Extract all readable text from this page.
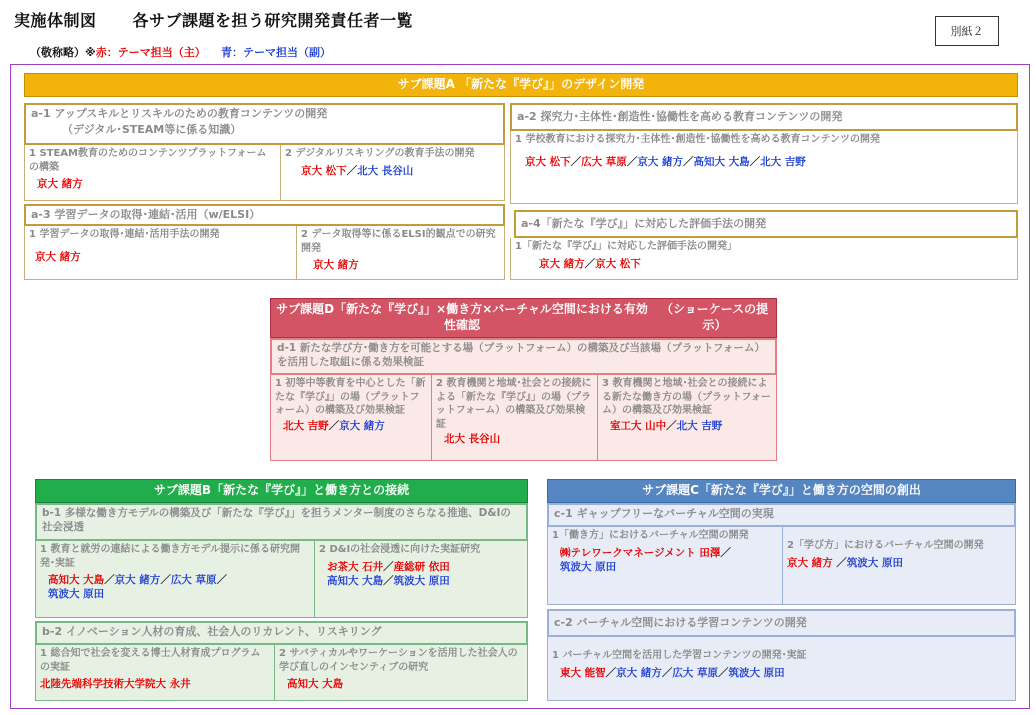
実施体制図 各サブ課題を担う研究開発責任者一覧
（敬称略）※赤：テーマ担当（主） 青：テーマ担当（副）
別紙２
サブ課題A 「新たな『学び』」のデザイン開発
a-1 アップスキルとリスキルのための教育コンテンツの開発
（デジタル･STEAM等に係る知識）
1 STEAM教育のためのコンテンツプラットフォームの構築
京大 緒方
2 デジタルリスキリングの教育手法の開発
京大 松下／北大 長谷山
a-3 学習データの取得･連結･活用（w/ELSI）
1 学習データの取得･連結･活用手法の開発
京大 緒方
2 データ取得等に係るELSI的観点での研究開発
京大 緒方
a-2 探究力･主体性･創造性･協働性を高める教育コンテンツの開発
1 学校教育における探究力･主体性･創造性･協働性を高める教育コンテンツの開発
京大 松下／広大 草原／京大 緒方／高知大 大島／北大 吉野
a-4「新たな『学び』」に対応した評価手法の開発
1「新たな『学び』」に対応した評価手法の開発」
京大 緒方／京大 松下
サブ課題D「新たな『学び』」×働き方×バーチャル空間における有効性確認
（ショーケースの提示）
d-1 新たな学び方･働き方を可能とする場（プラットフォーム）の構築及び当該場（プラットフォーム）を活用した取組に係る効果検証
1 初等中等教育を中心とした「新たな『学び』」の場（プラットフォーム）の構築及び効果検証
北大 吉野／京大 緒方
2 教育機関と地域･社会との接続による「新たな『学び』」の場（プラットフォーム）の構築及び効果検証
北大 長谷山
3 教育機関と地域･社会との接続による新たな働き方の場（プラットフォーム）の構築及び効果検証
室工大 山中／北大 吉野
サブ課題B「新たな『学び』」と働き方との接続
b-1 多様な働き方モデルの構築及び「新たな『学び』」を担うメンター制度のさらなる推進、D&Iの社会浸透
1 教育と就労の連結による働き方モデル提示に係る研究開発･実証
高知大 大島／京大 緒方／広大 草原／
筑波大 原田
2 D&Iの社会浸透に向けた実証研究
お茶大 石井／産総研 依田
高知大 大島／筑波大 原田
b-2 イノベーション人材の育成、社会人のリカレント、リスキリング
1 総合知で社会を変える博士人材育成プログラムの実証
北陸先端科学技術大学院大 永井
2 サバティカルやワーケーションを活用した社会人の学び直しのインセンティブの研究
高知大 大島
サブ課題C「新たな『学び』」と働き方の空間の創出
c-1 ギャップフリーなバーチャル空間の実現
1「働き方」におけるバーチャル空間の開発
㈱テレワークマネージメント 田澤／
筑波大 原田
2「学び方」におけるバーチャル空間の開発
京大 緒方 ／筑波大 原田
c-2 バーチャル空間における学習コンテンツの開発
1 バーチャル空間を活用した学習コンテンツの開発･実証
東大 能智／京大 緒方／広大 草原／筑波大 原田
